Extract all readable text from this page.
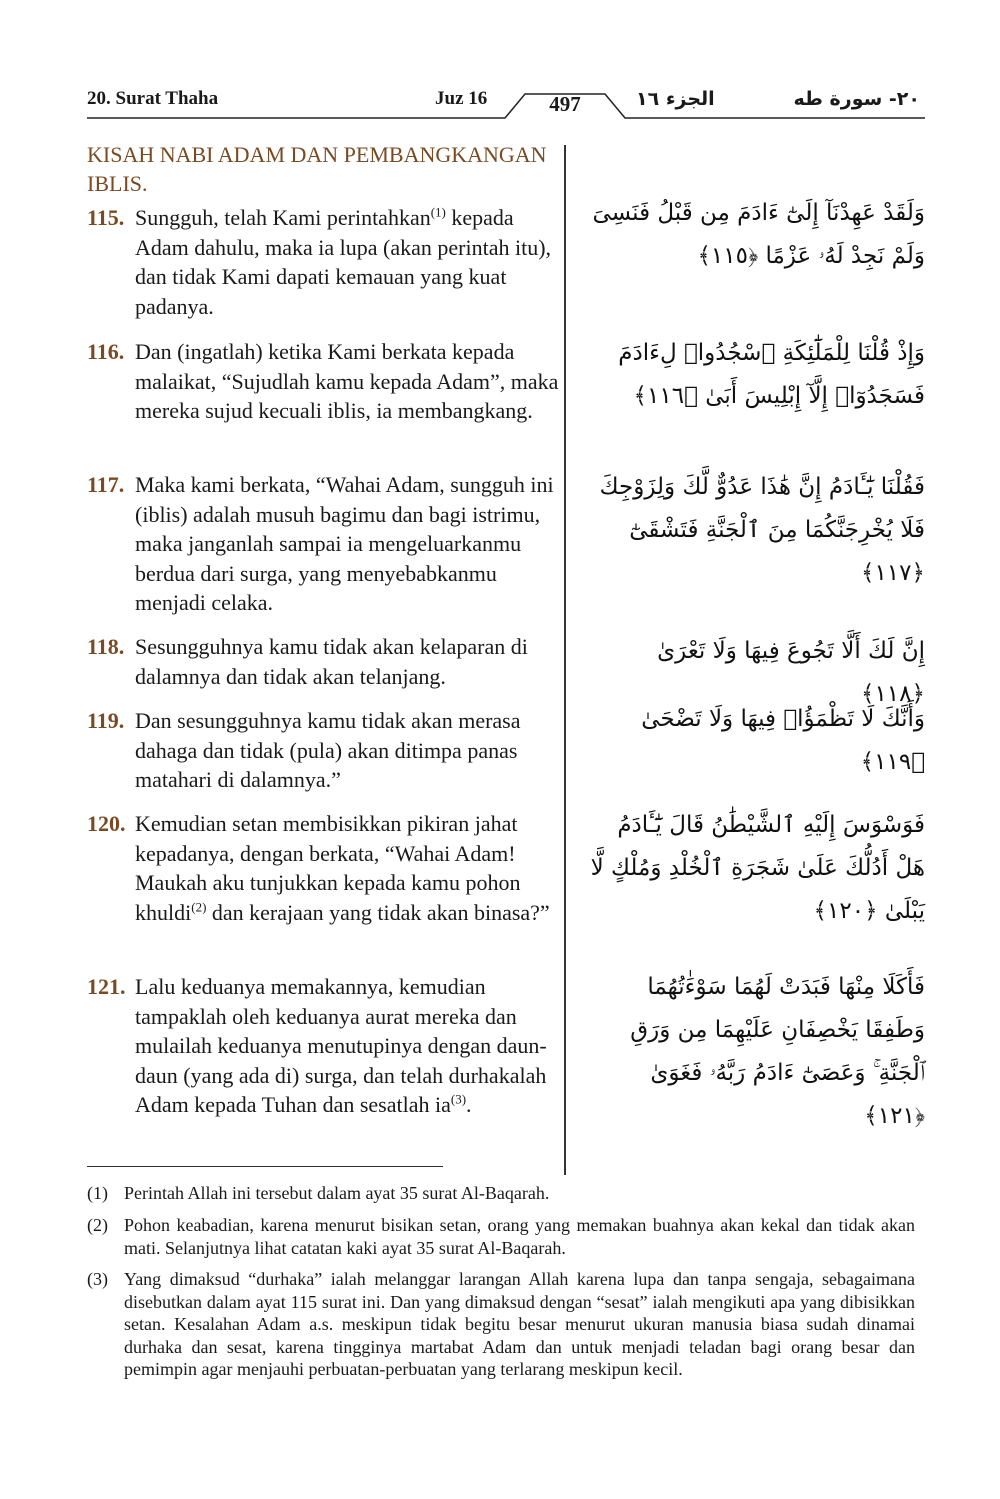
20. Surat Thaha	Juz 16	497	الجزء ١٦	٢٠- سورة طه
KISAH NABI ADAM DAN PEMBANGKANGAN IBLIS.
115. Sungguh, telah Kami perintahkan$^{(1)}$ kepada Adam dahulu, maka ia lupa (akan perintah itu), dan tidak Kami dapati kemauan yang kuat padanya.
116. Dan (ingatlah) ketika Kami berkata kepada malaikat, “Sujudlah kamu kepada Adam”, maka mereka sujud kecuali iblis, ia membangkang.
117. Maka kami berkata, “Wahai Adam, sungguh ini (iblis) adalah musuh bagimu dan bagi istrimu, maka janganlah sampai ia mengeluarkanmu berdua dari surga, yang menyebabkanmu menjadi celaka.
118. Sesungguhnya kamu tidak akan kelaparan di dalamnya dan tidak akan telanjang.
119. Dan sesungguhnya kamu tidak akan merasa dahaga dan tidak (pula) akan ditimpa panas matahari di dalamnya.”
120. Kemudian setan membisikkan pikiran jahat kepadanya, dengan berkata, “Wahai Adam! Maukah aku tunjukkan kepada kamu pohon khuldi$^{(2)}$ dan kerajaan yang tidak akan binasa?”
121. Lalu keduanya memakannya, kemudian tampaklah oleh keduanya aurat mereka dan mulailah keduanya menutupinya dengan daun-daun (yang ada di) surga, dan telah durhakalah Adam kepada Tuhan dan sesatlah $ia^{(3)}$.
وَلَقَدْ عَهِدْنَآ إِلَىٰٓ ءَادَمَ مِن قَبْلُ فَنَسِىَ وَلَمْ نَجِدْ لَهُۥ عَزْمًا ﴿١١٥﴾
وَإِذْ قُلْنَا لِلْمَلَٰٓئِكَةِ ٱسْجُدُوا۟ لِءَادَمَ فَسَجَدُوٓا۟ إِلَّآ إِبْلِيسَ أَبَىٰ ﴿١١٦﴾
فَقُلْنَا يَٰٓـَٔادَمُ إِنَّ هَٰذَا عَدُوٌّ لَّكَ وَلِزَوْجِكَ فَلَا يُخْرِجَنَّكُمَا مِنَ ٱلْجَنَّةِ فَتَشْقَىٰٓ ﴿١١٧﴾
إِنَّ لَكَ أَلَّا تَجُوعَ فِيهَا وَلَا تَعْرَىٰ ﴿١١٨﴾
وَأَنَّكَ لَا تَظْمَؤُا۟ فِيهَا وَلَا تَضْحَىٰ ﴿١١٩﴾
فَوَسْوَسَ إِلَيْهِ ٱلشَّيْطَٰنُ قَالَ يَٰٓـَٔادَمُ هَلْ أَدُلُّكَ عَلَىٰ شَجَرَةِ ٱلْخُلْدِ وَمُلْكٍ لَّا يَبْلَىٰ ﴿١٢٠﴾
فَأَكَلَا مِنْهَا فَبَدَتْ لَهُمَا سَوْءَٰتُهُمَا وَطَفِقَا يَخْصِفَانِ عَلَيْهِمَا مِن وَرَقِ ٱلْجَنَّةِ ۚ وَعَصَىٰٓ ءَادَمُ رَبَّهُۥ فَغَوَىٰ ﴿١٢١﴾
(1) Perintah Allah ini tersebut dalam ayat 35 surat Al-Baqarah.
(2) Pohon keabadian, karena menurut bisikan setan, orang yang memakan buahnya akan kekal dan tidak akan mati. Selanjutnya lihat catatan kaki ayat 35 surat Al-Baqarah.
(3) Yang dimaksud “durhaka” ialah melanggar larangan Allah karena lupa dan tanpa sengaja, sebagaimana disebutkan dalam ayat 115 surat ini. Dan yang dimaksud dengan “sesat” ialah mengikuti apa yang dibisikkan setan. Kesalahan Adam a.s. meskipun tidak begitu besar menurut ukuran manusia biasa sudah dinamai durhaka dan sesat, karena tingginya martabat Adam dan untuk menjadi teladan bagi orang besar dan pemimpin agar menjauhi perbuatan-perbuatan yang terlarang meskipun kecil.
